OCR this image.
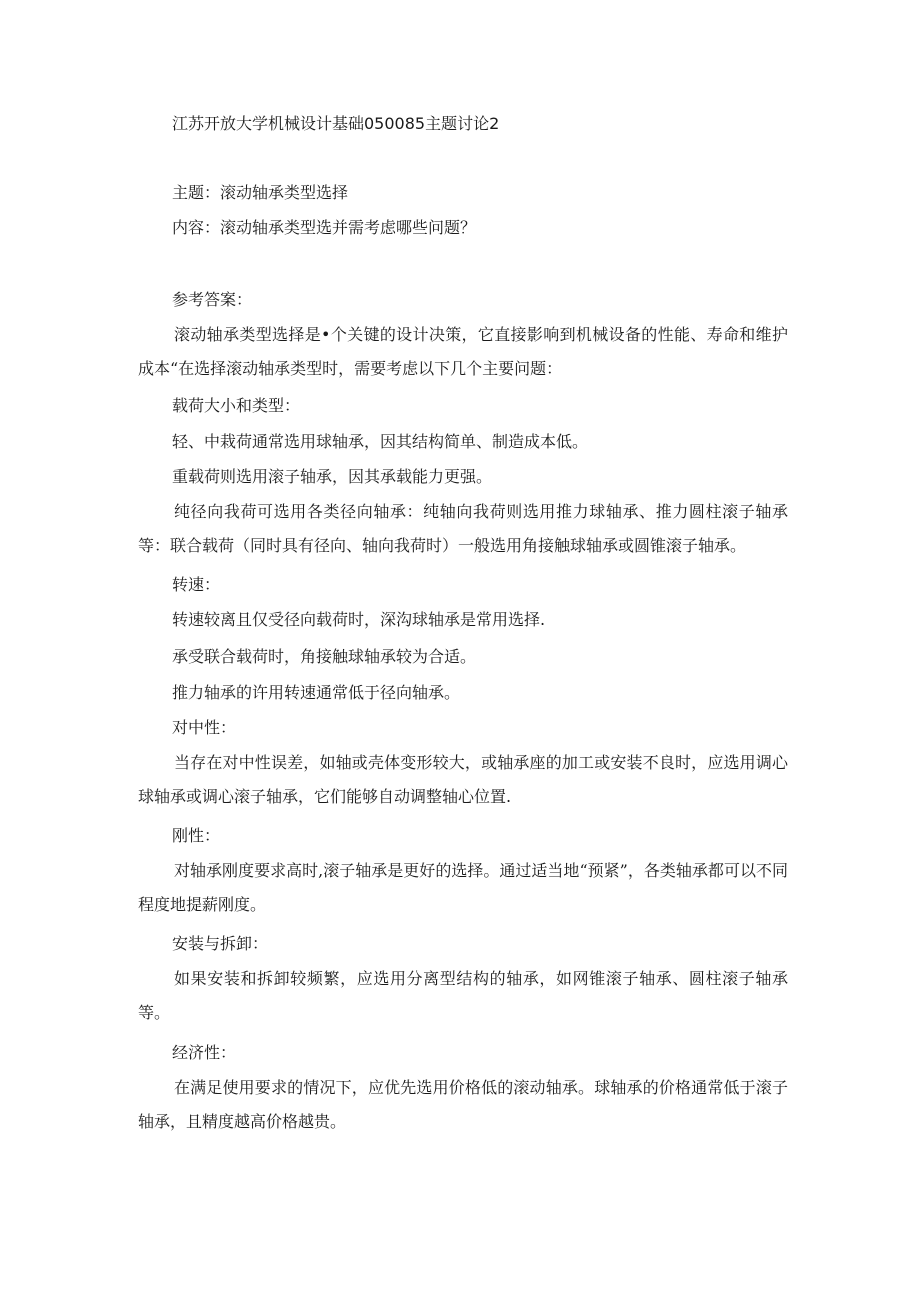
江苏开放大学机械设计基础050085主题讨论2
主题：滚动轴承类型选择
内容：滚动轴承类型选并需考虑哪些问题？
参考答案：
滚动轴承类型选择是•个关键的设计决策，它直接影响到机械设备的性能、寿命和维护成本“在选择滚动轴承类型时，需要考虑以下几个主要问题：
载荷大小和类型：
轻、中栽荷通常选用球轴承，因其结构简单、制造成本低。
重载荷则选用滚子轴承，因其承载能力更强。
纯径向我荷可选用各类径向轴承：纯轴向我荷则选用推力球轴承、推力圆柱滚子轴承等：联合载荷（同时具有径向、轴向我荷时）一般选用角接触球轴承或圆锥滚子轴承。
转速：
转速较离且仅受径向载荷时，深沟球轴承是常用选择.
承受联合载荷时，角接触球轴承较为合适。
推力轴承的许用转速通常低于径向轴承。
对中性：
当存在对中性误差，如轴或壳体变形较大，或轴承座的加工或安装不良时，应选用调心球轴承或调心滚子轴承，它们能够自动调整轴心位置.
刚性：
对轴承刚度要求高时,滚子轴承是更好的选择。通过适当地“预紧”，各类轴承都可以不同程度地提薪刚度。
安装与拆卸：
如果安装和拆卸较频繁，应选用分离型结构的轴承，如网锥滚子轴承、圆柱滚子轴承等。
经济性：
在满足使用要求的情况下，应优先选用价格低的滚动轴承。球轴承的价格通常低于滚子轴承，且精度越高价格越贵。
